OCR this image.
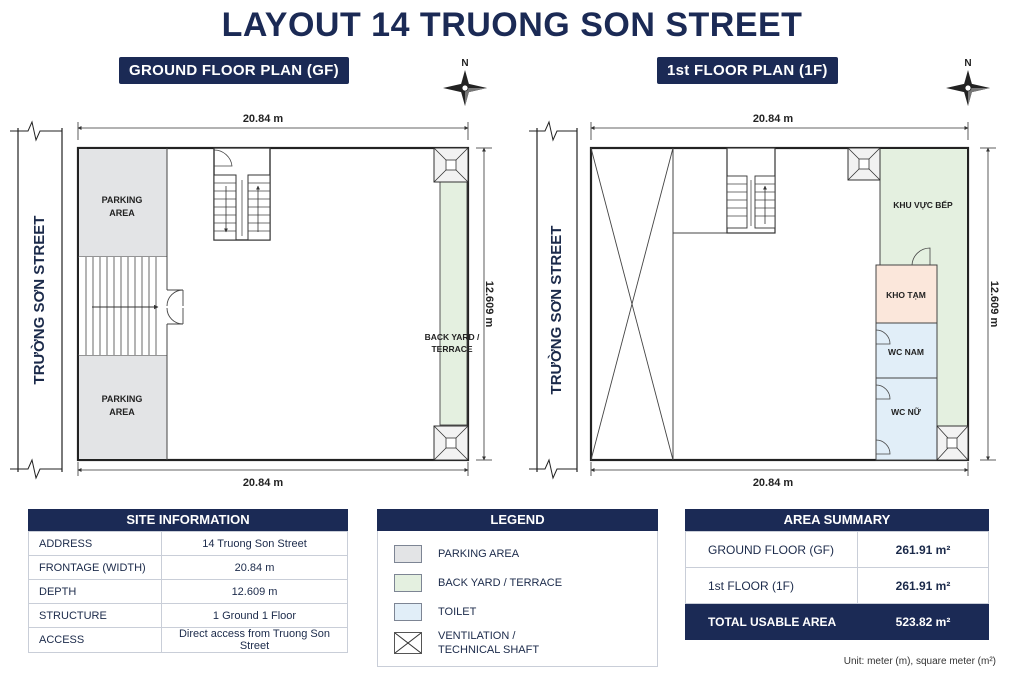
LAYOUT 14 TRUONG SON STREET
GROUND FLOOR PLAN (GF)	1st FLOOR PLAN (1F)
TRƯỜNG SƠN STREET
20.84 m
20.84 m
12.609 m
PARKING
AREA
PARKING
AREA
BACK YARD /
TERRACE
N
TRƯỜNG SƠN STREET
20.84 m
20.84 m
12.609 m
KHU VỰC BẾP
KHO TẠM
WC NAM
WC NỮ
N
SITE INFORMATION
ADDRESS	14 Truong Son Street
FRONTAGE (WIDTH)	20.84 m
DEPTH	12.609 m
STRUCTURE	1 Ground 1 Floor
ACCESS	Direct access from Truong Son Street
LEGEND
PARKING AREA
BACK YARD / TERRACE
TOILET
VENTILATION /
TECHNICAL SHAFT
AREA SUMMARY
GROUND FLOOR (GF)	261.91 m²
1st FLOOR (1F)	261.91 m²
TOTAL USABLE AREA	523.82 m²
Unit: meter (m), square meter (m²)
